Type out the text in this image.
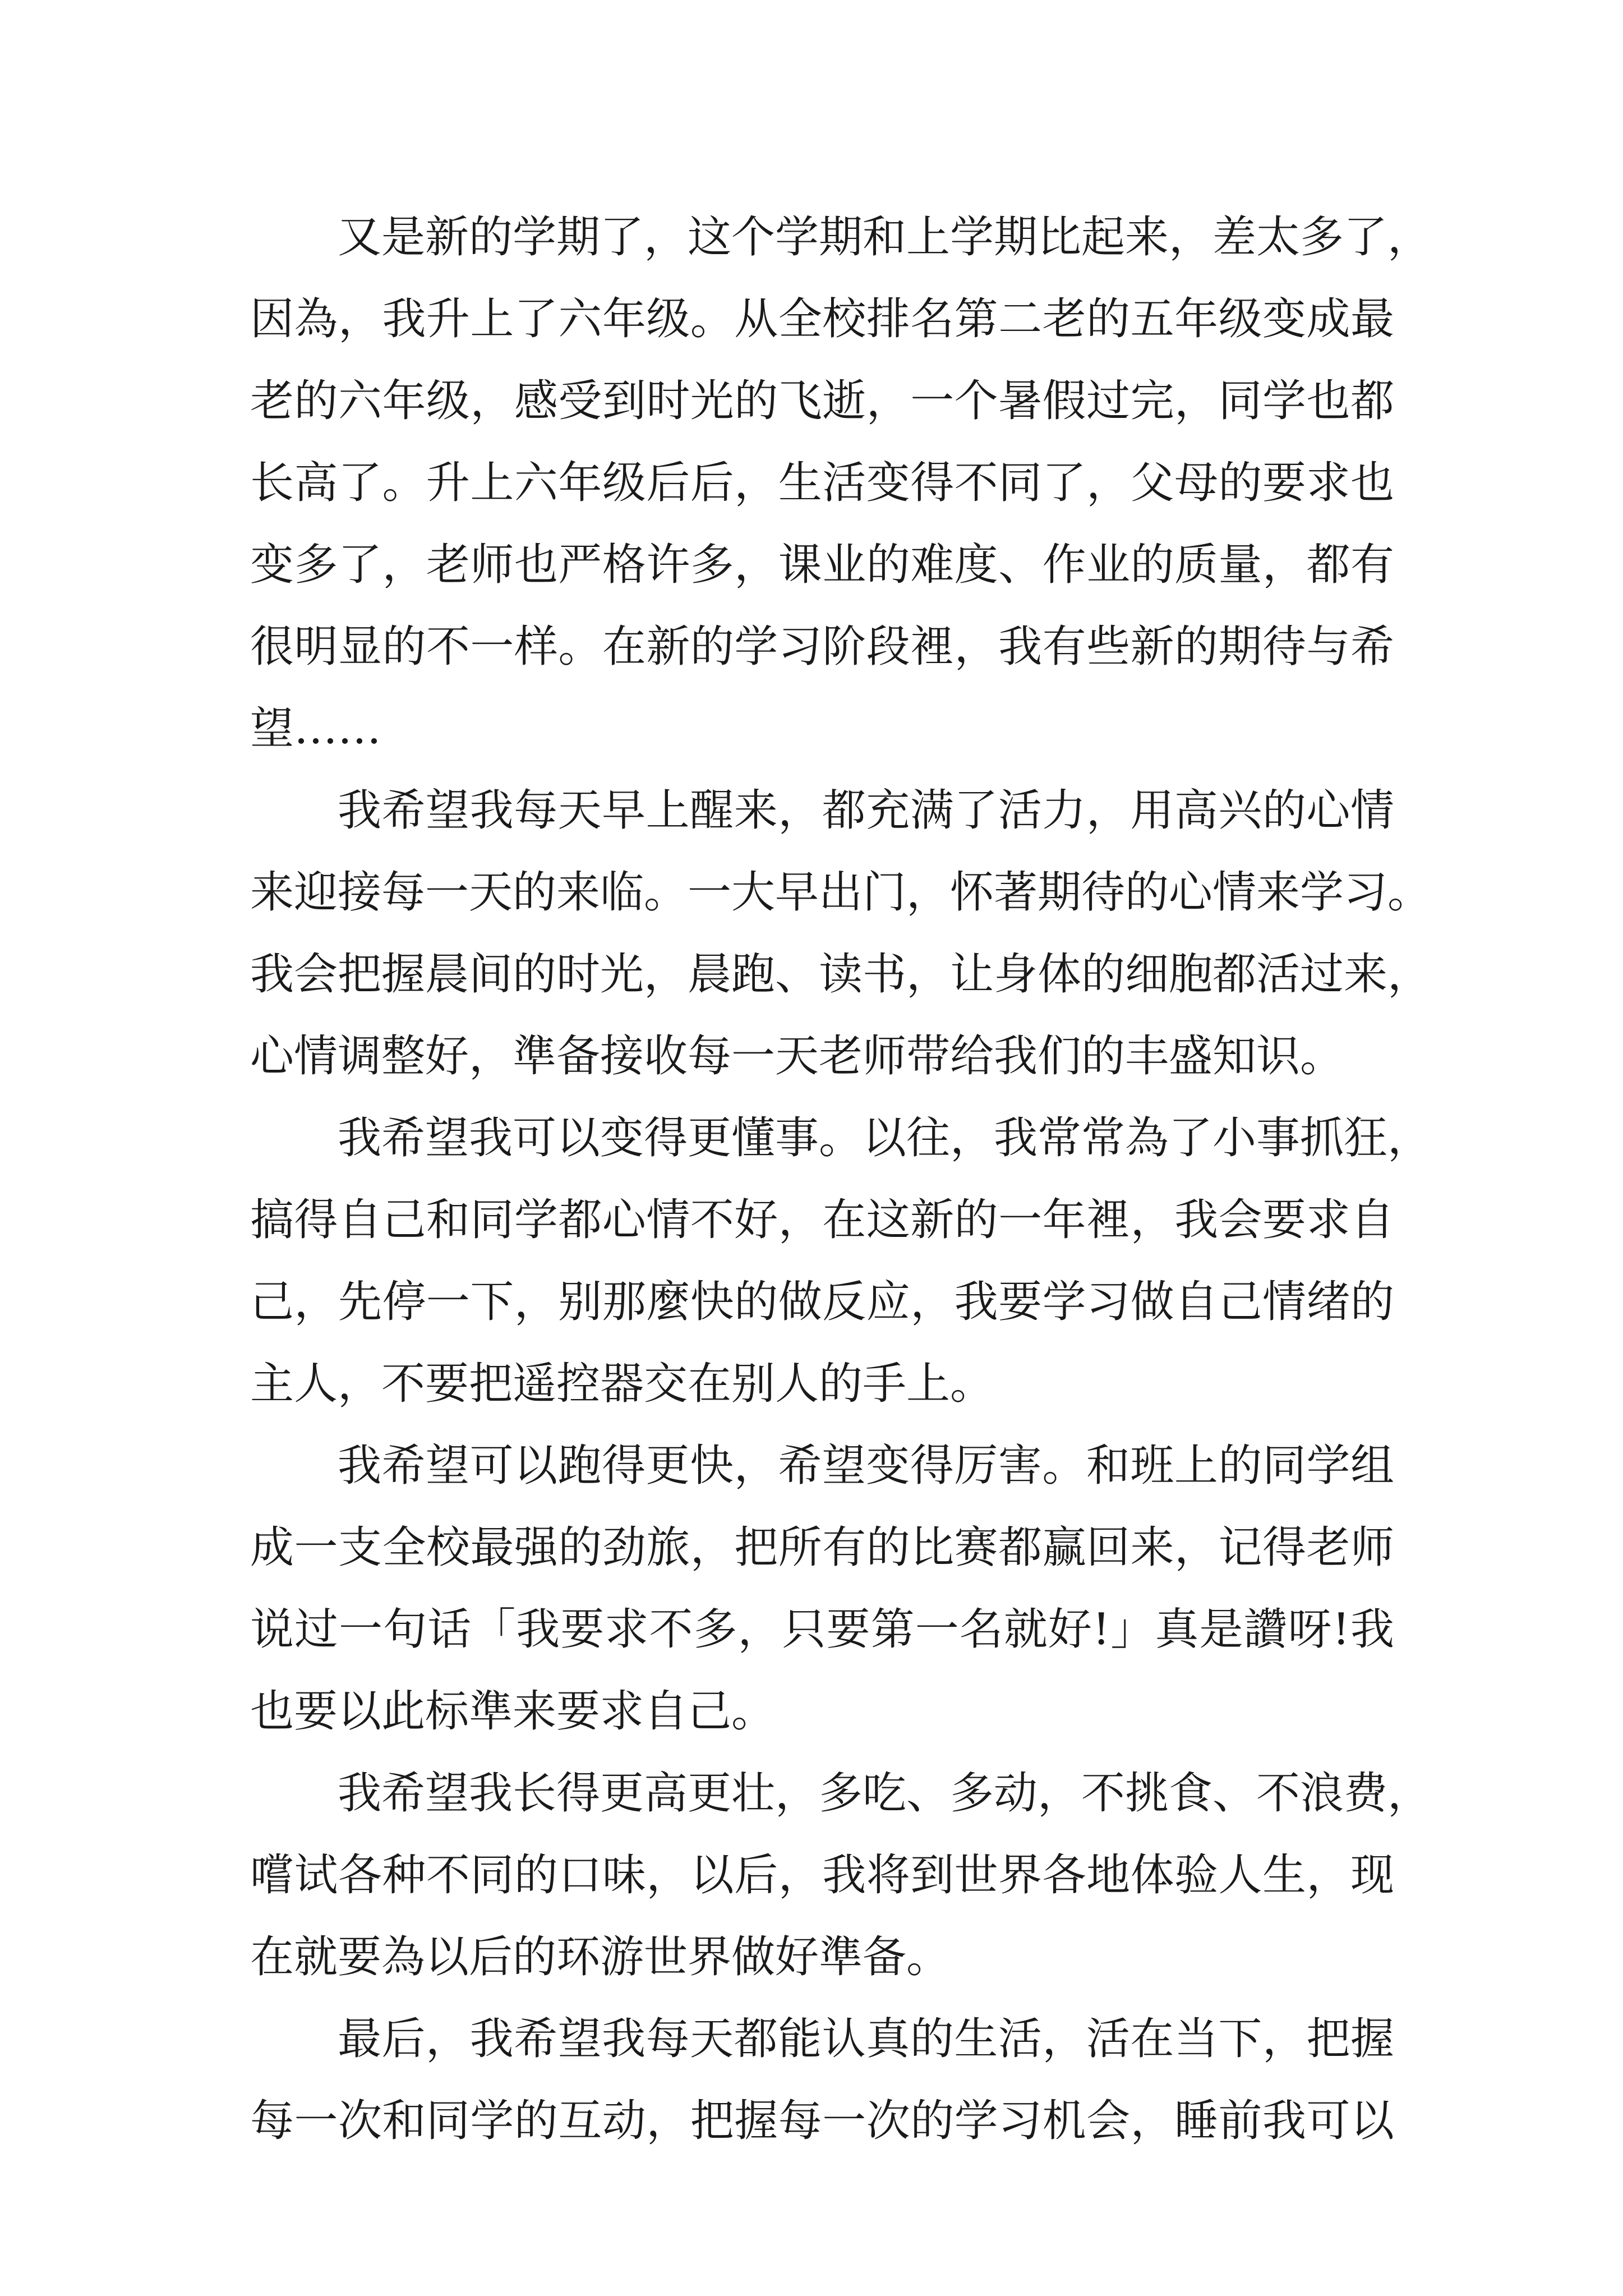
又是新的学期了，这个学期和上学期比起来，差太多了，
因為，我升上了六年级。从全校排名第二老的五年级变成最
老的六年级，感受到时光的飞逝，一个暑假过完，同学也都
长高了。升上六年级后后，生活变得不同了，父母的要求也
变多了，老师也严格许多，课业的难度、作业的质量，都有
很明显的不一样。在新的学习阶段裡，我有些新的期待与希
望……
我希望我每天早上醒来，都充满了活力，用高兴的心情
来迎接每一天的来临。一大早出门，怀著期待的心情来学习。
我会把握晨间的时光，晨跑、读书，让身体的细胞都活过来，
心情调整好，準备接收每一天老师带给我们的丰盛知识。
我希望我可以变得更懂事。以往，我常常為了小事抓狂，
搞得自己和同学都心情不好，在这新的一年裡，我会要求自
己，先停一下，别那麼快的做反应，我要学习做自己情绪的
主人，不要把遥控器交在别人的手上。
我希望可以跑得更快，希望变得厉害。和班上的同学组
成一支全校最强的劲旅，把所有的比赛都赢回来，记得老师
说过一句话「我要求不多，只要第一名就好!」真是讚呀!我
也要以此标準来要求自己。
我希望我长得更高更壮，多吃、多动，不挑食、不浪费，
嚐试各种不同的口味，以后，我将到世界各地体验人生，现
在就要為以后的环游世界做好準备。
最后，我希望我每天都能认真的生活，活在当下，把握
每一次和同学的互动，把握每一次的学习机会，睡前我可以
